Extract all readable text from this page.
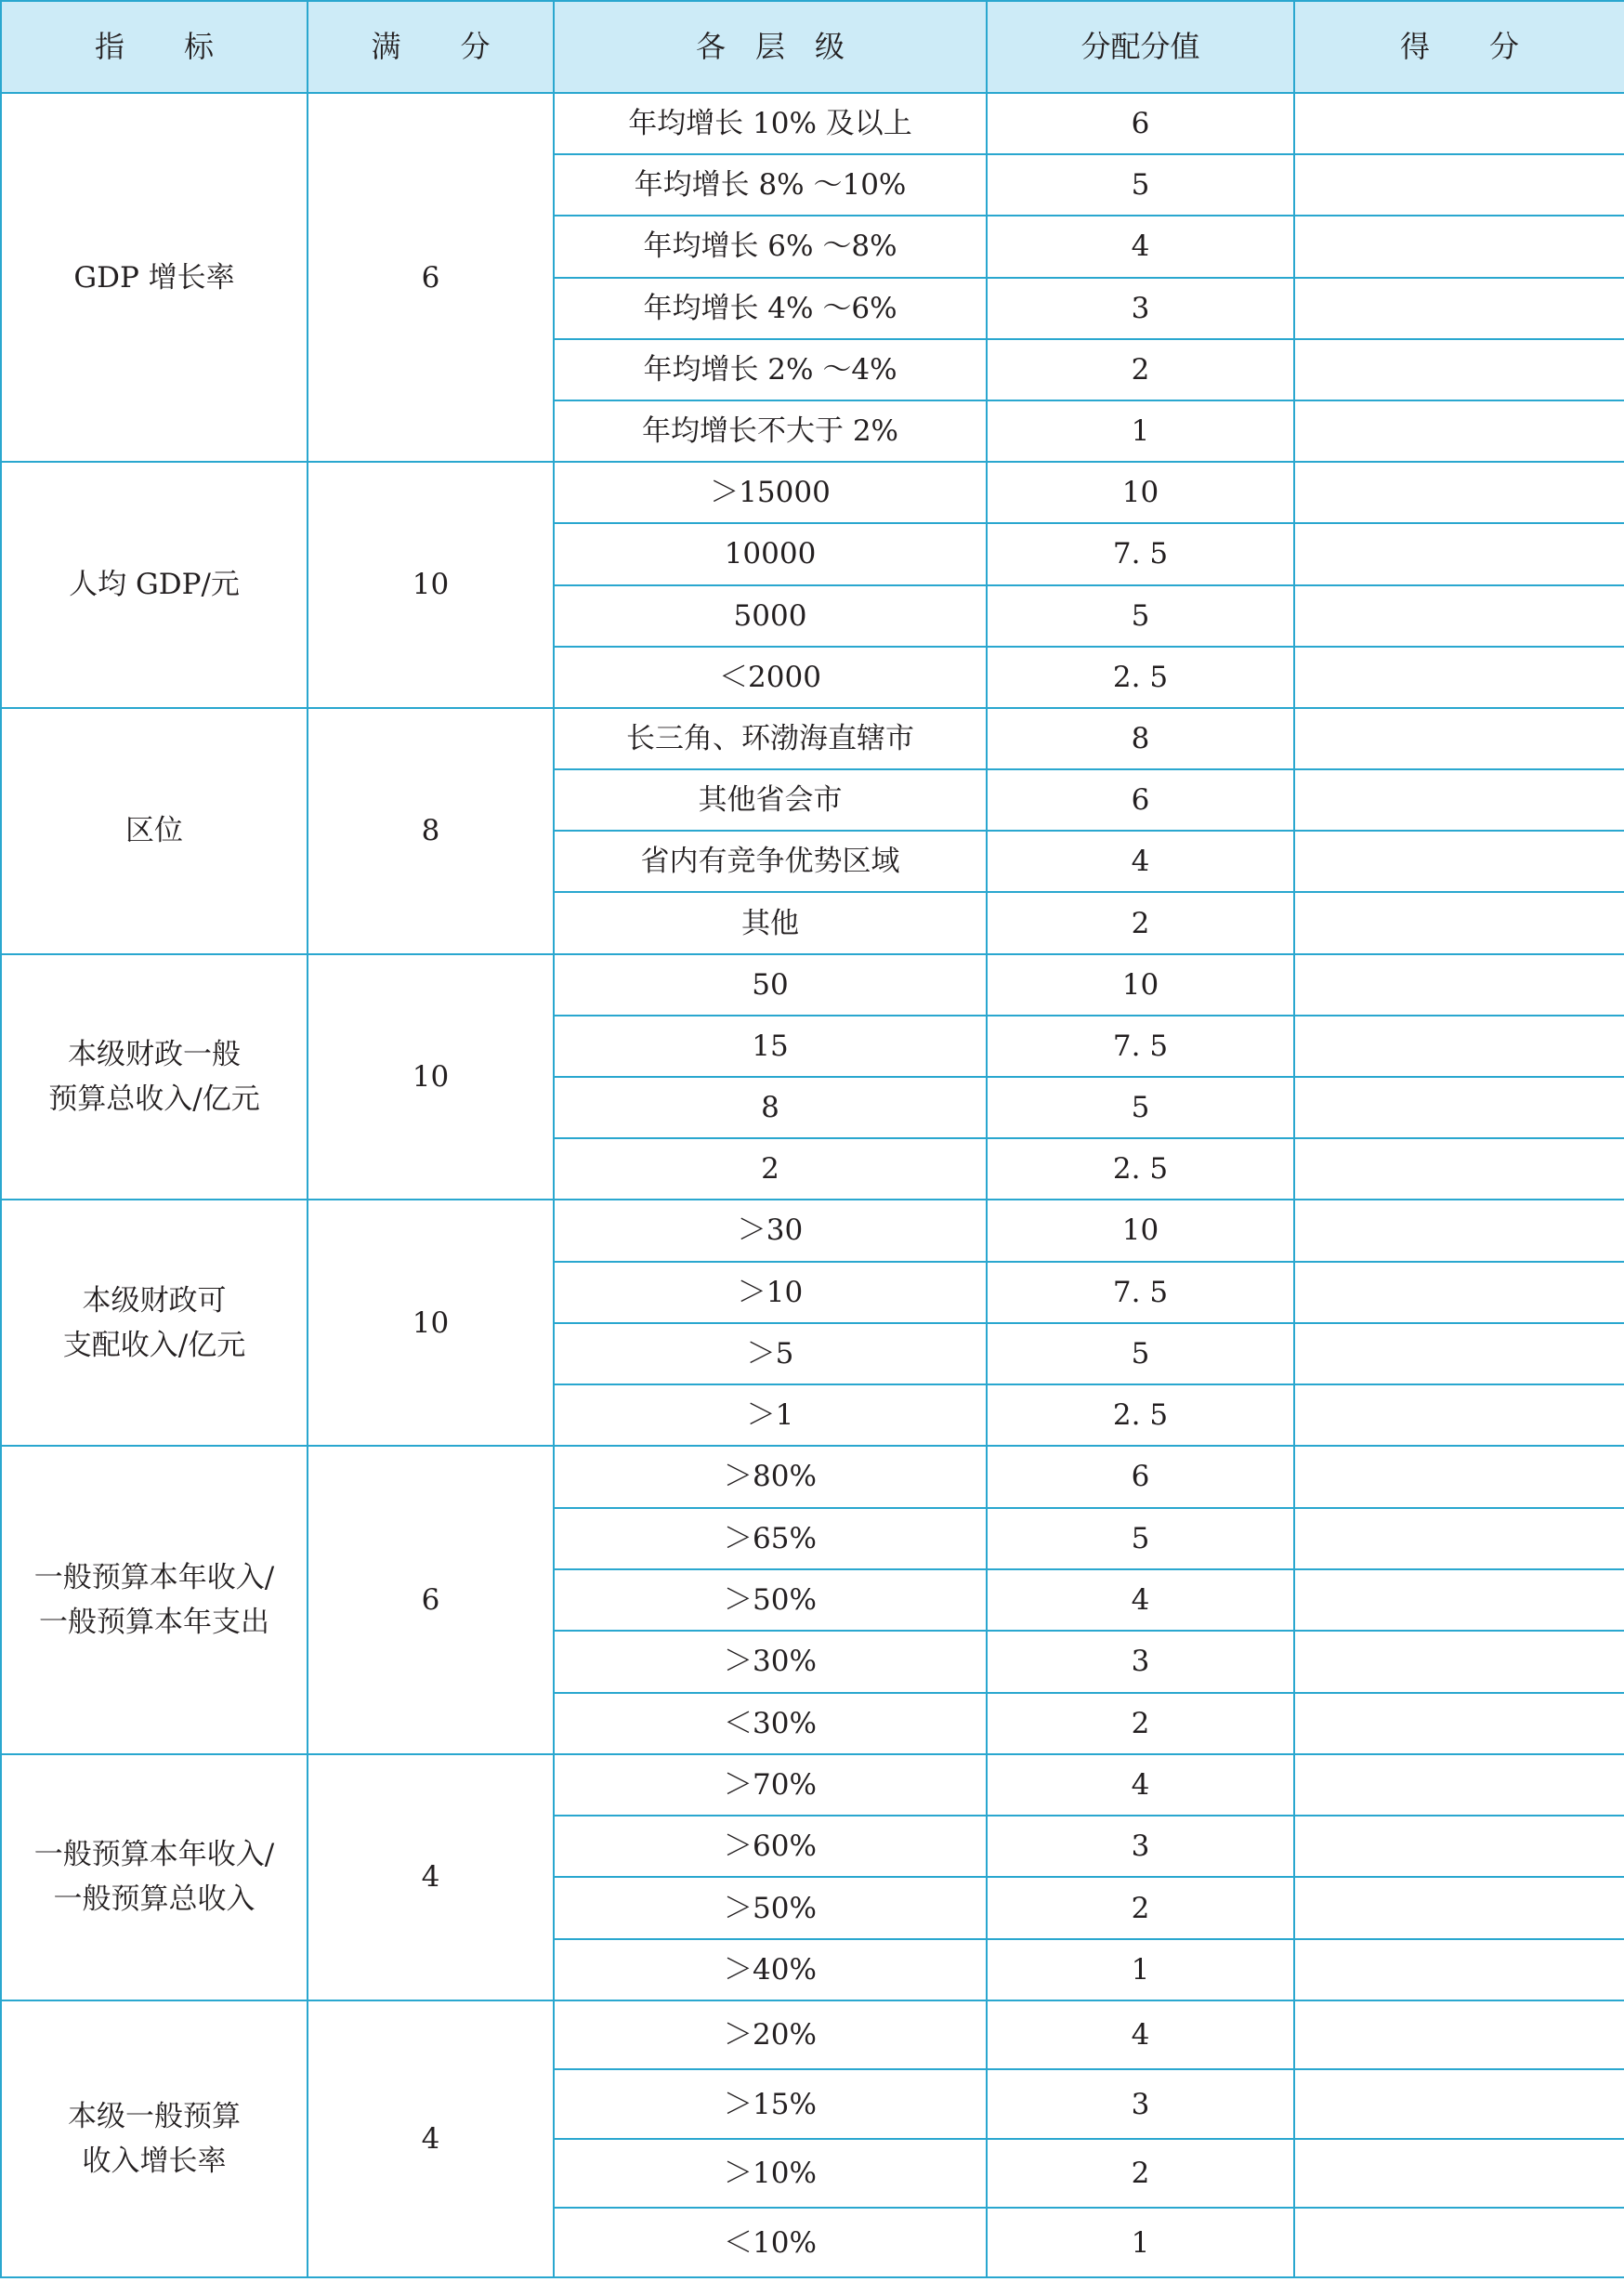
指　　标	满　　分	各　层　级	分配分值	得　　分
GDP 增长率	6	年均增长 10% 及以上	6	
		年均增长 8% ～10%	5	
		年均增长 6% ～8%	4	
		年均增长 4% ～6%	3	
		年均增长 2% ～4%	2	
		年均增长不大于 2%	1	
人均 GDP/元	10	＞15000	10	
		10000	7. 5	
		5000	5	
		＜2000	2. 5	
区位	8	长三角、环渤海直辖市	8	
		其他省会市	6	
		省内有竞争优势区域	4	
		其他	2	
本级财政一般
预算总收入/亿元	10	50	10	
		15	7. 5	
		8	5	
		2	2. 5	
本级财政可
支配收入/亿元	10	＞30	10	
		＞10	7. 5	
		＞5	5	
		＞1	2. 5	
一般预算本年收入/
一般预算本年支出	6	＞80%	6	
		＞65%	5	
		＞50%	4	
		＞30%	3	
		＜30%	2	
一般预算本年收入/
一般预算总收入	4	＞70%	4	
		＞60%	3	
		＞50%	2	
		＞40%	1	
本级一般预算
收入增长率	4	＞20%	4	
		＞15%	3	
		＞10%	2	
		＜10%	1	
